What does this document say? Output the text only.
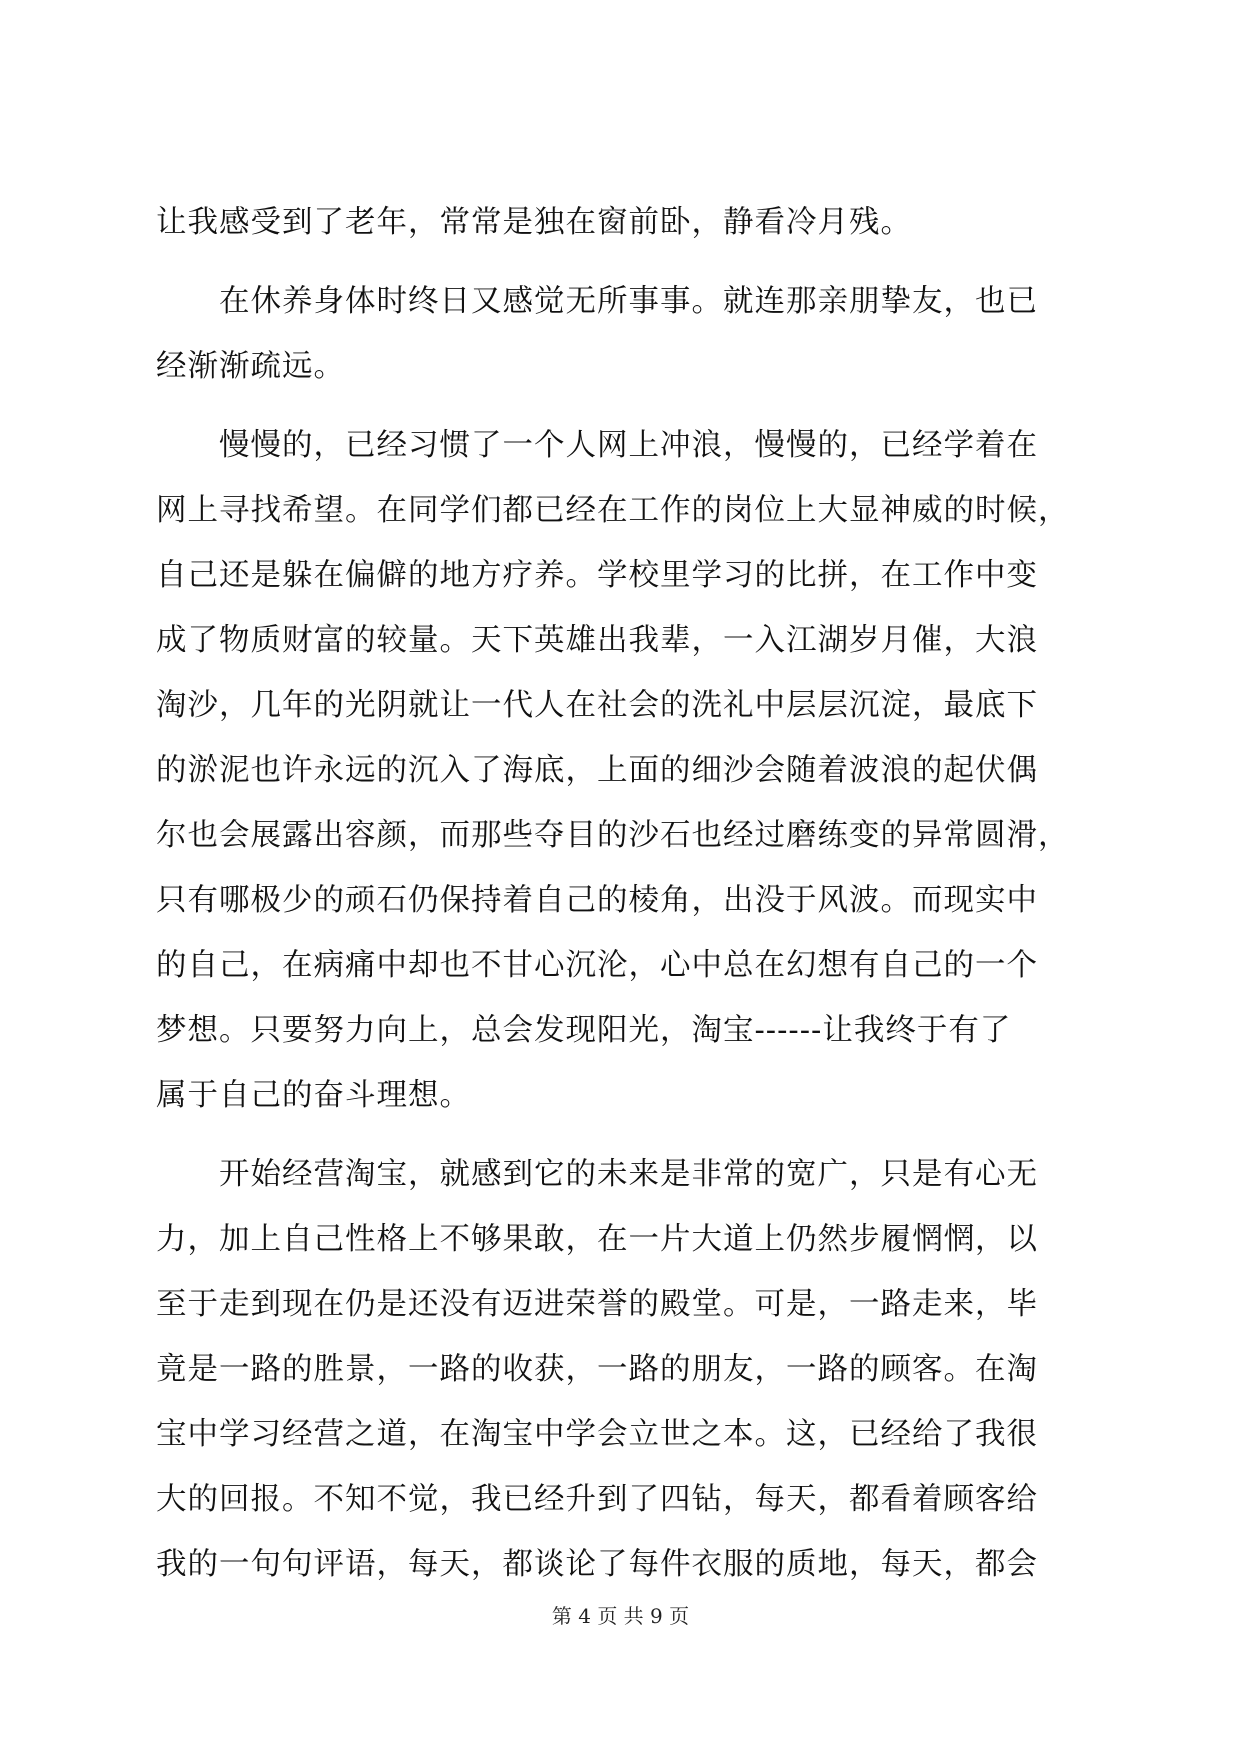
让我感受到了老年，常常是独在窗前卧，静看冷月残。
　　在休养身体时终日又感觉无所事事。就连那亲朋挚友，也已
经渐渐疏远。
　　慢慢的，已经习惯了一个人网上冲浪，慢慢的，已经学着在
网上寻找希望。在同学们都已经在工作的岗位上大显神威的时候，
自己还是躲在偏僻的地方疗养。学校里学习的比拼，在工作中变
成了物质财富的较量。天下英雄出我辈，一入江湖岁月催，大浪
淘沙，几年的光阴就让一代人在社会的洗礼中层层沉淀，最底下
的淤泥也许永远的沉入了海底，上面的细沙会随着波浪的起伏偶
尔也会展露出容颜，而那些夺目的沙石也经过磨练变的异常圆滑，
只有哪极少的顽石仍保持着自己的棱角，出没于风波。而现实中
的自己，在病痛中却也不甘心沉沦，心中总在幻想有自己的一个
梦想。只要努力向上，总会发现阳光，淘宝------让我终于有了
属于自己的奋斗理想。
　　开始经营淘宝，就感到它的未来是非常的宽广，只是有心无
力，加上自己性格上不够果敢，在一片大道上仍然步履惘惘，以
至于走到现在仍是还没有迈进荣誉的殿堂。可是，一路走来，毕
竟是一路的胜景，一路的收获，一路的朋友，一路的顾客。在淘
宝中学习经营之道，在淘宝中学会立世之本。这，已经给了我很
大的回报。不知不觉，我已经升到了四钻，每天，都看着顾客给
我的一句句评语，每天，都谈论了每件衣服的质地，每天，都会
第 4 页 共 9 页
